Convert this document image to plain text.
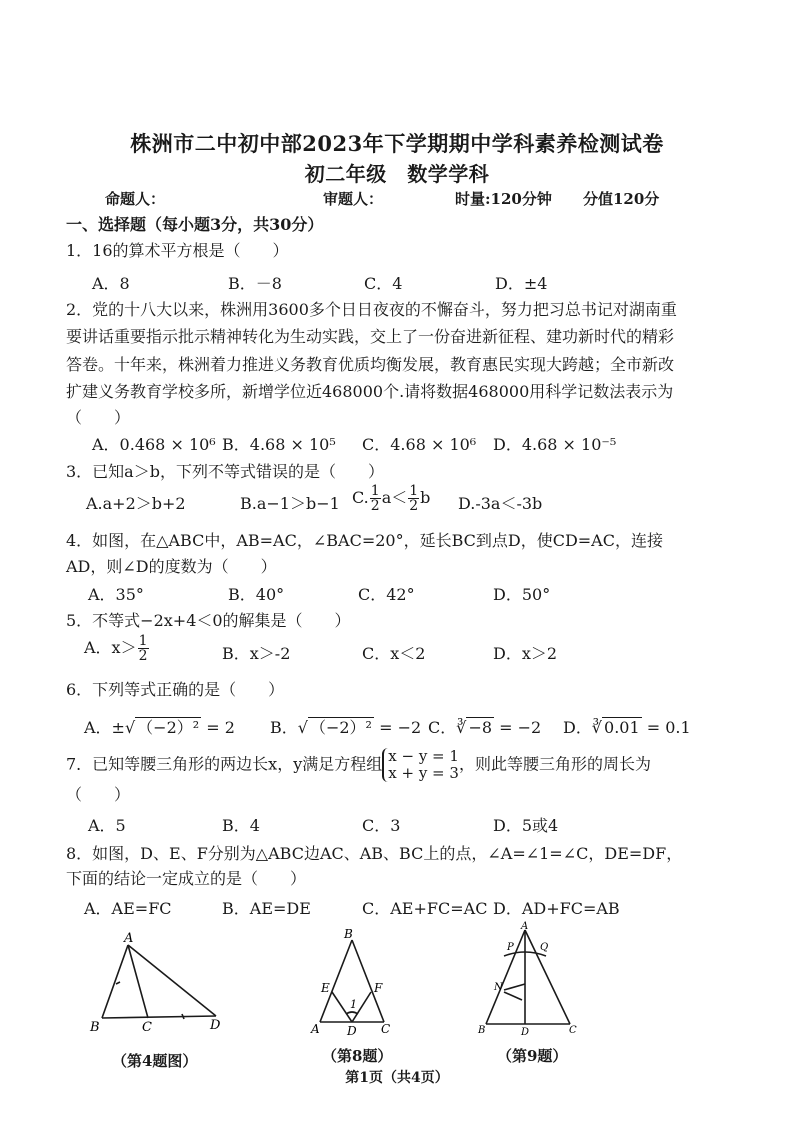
株洲市二中初中部2023年下学期期中学科素养检测试卷
初二年级　数学学科
命题人：	审题人：	时量:120分钟 分值120分
一、选择题（每小题3分，共30分）
1．16的算术平方根是（　　）
A．8	B．－8	C．4	D．±4
2．党的十八大以来，株洲用3600多个日日夜夜的不懈奋斗，努力把习总书记对湖南重
要讲话重要指示批示精神转化为生动实践，交上了一份奋进新征程、建功新时代的精彩
答卷。十年来，株洲着力推进义务教育优质均衡发展，教育惠民实现大跨越；全市新改
扩建义务教育学校多所，新增学位近468000个.请将数据468000用科学记数法表示为
（　　）
A．0.468 × 10⁶ B．4.68 × 10⁵ C．4.68 × 10⁶ D．4.68 × 10⁻⁵
3．已知a＞b，下列不等式错误的是（　　）
A.a+2＞b+2	B.a−1＞b−1 C. $\frac{1}{2} a< \frac{1}{2}$ b D.-3a＜-3b
4．如图，在△ABC中，AB=AC，∠BAC=20°，延长BC到点D，使CD=AC，连接
AD，则∠D的度数为（　　）
A．35°	B．40°	C．42°	D．50°
5．不等式−2x+4＜0的解集是（　　）
A．$x> \frac{1}{2}$	B．x＞-2	C．x＜2	D．x＞2
6．下列等式正确的是（　　）
A．±√ （−2）² = 2 B．√ （−2）² = −2 C．∛ −8 = −2 D．∛ 0.01 = 0.1
7．已知等腰三角形的两边长x，y满足方程组 x − y = 1
x + y = 3 ，则此等腰三角形的周长为
（　　）
A．5	B．4	C．3	D．5或4
8．如图，D、E、F分别为△ABC边AC、AB、BC上的点，∠A=∠1=∠C，DE=DF，
下面的结论一定成立的是（　　）
A．AE=FC	B．AE=DE	C．AE+FC=AC D．AD+FC=AB
A
B	C	D
（第4题图）
B
E	F
1
A D C
（第8题）
A
P	Q
N
B	D	C
（第9题）
第1页（共4页）
